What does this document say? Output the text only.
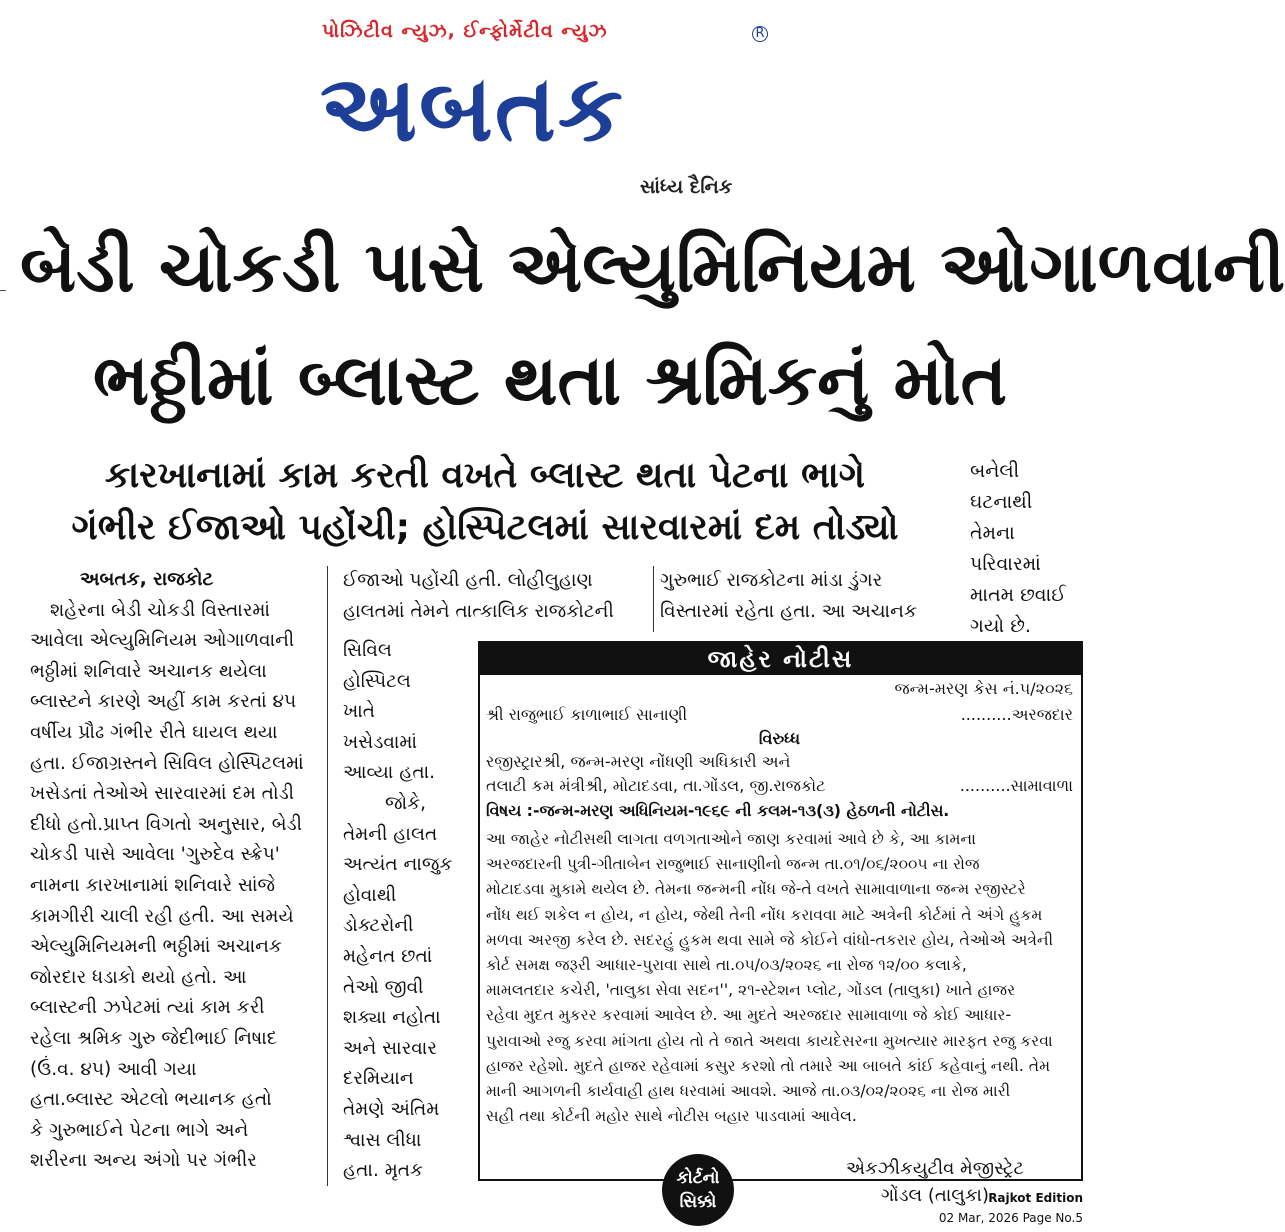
પોઝિટીવ ન્યુઝ, ઈન્ફોર્મેટીવ ન્યુઝ
અબતક
R
સાંધ્ય દૈનિક
બેડી ચોકડી પાસે એલ્યુમિનિયમ ઓગાળવાની
ભઠ્ઠીમાં બ્લાસ્ટ થતા શ્રમિકનું મોત
કારખાનામાં કામ કરતી વખતે બ્લાસ્ટ થતા પેટના ભાગે
ગંભીર ઈજાઓ પહોંચી; હોસ્પિટલમાં સારવારમાં દમ તોડ્યો
બનેલી
ઘટનાથી
તેમના
પરિવારમાં
માતમ છવાઈ
ગયો છે.
અબતક, રાજકોટ
શહેરના બેડી ચોકડી વિસ્તારમાં
આવેલા એલ્યુમિનિયમ ઓગાળવાની
ભઠ્ઠીમાં શનિવારે અચાનક થયેલા
બ્લાસ્ટને કારણે અહીં કામ કરતાં ૪૫
વર્ષીય પ્રૌઢ ગંભીર રીતે ઘાયલ થયા
હતા. ઈજાગ્રસ્તને સિવિલ હોસ્પિટલમાં
ખસેડતાં તેઓએ સારવારમાં દમ તોડી
દીધો હતો.પ્રાપ્ત વિગતો અનુસાર, બેડી
ચોકડી પાસે આવેલા 'ગુરુદેવ સ્ક્રેપ'
નામના કારખાનામાં શનિવારે સાંજે
કામગીરી ચાલી રહી હતી. આ સમયે
એલ્યુમિનિયમની ભઠ્ઠીમાં અચાનક
જોરદાર ધડાકો થયો હતો. આ
બ્લાસ્ટની ઝપેટમાં ત્યાં કામ કરી
રહેલા શ્રમિક ગુરુ જેદીભાઈ નિષાદ
(ઉં.વ. ૪૫) આવી ગયા
હતા.બ્લાસ્ટ એટલો ભયાનક હતો
કે ગુરુભાઈને પેટના ભાગે અને
શરીરના અન્ય અંગો પર ગંભીર
ઈજાઓ પહોંચી હતી. લોહીલુહાણ
હાલતમાં તેમને તાત્કાલિક રાજકોટની
ગુરુભાઈ રાજકોટના માંડા ડુંગર
વિસ્તારમાં રહેતા હતા. આ અચાનક
સિવિલ
હોસ્પિટલ
ખાતે
ખસેડવામાં
આવ્યા હતા.
જોકે,
તેમની હાલત
અત્યંત નાજુક
હોવાથી
ડોક્ટરોની
મહેનત છતાં
તેઓ જીવી
શક્યા નહોતા
અને સારવાર
દરમિયાન
તેમણે અંતિમ
શ્વાસ લીધા
હતા. મૃતક
જાહેર નોટીસ
જન્મ-મરણ કેસ નં.૫/૨૦૨૬
શ્રી રાજુભાઈ કાળાભાઈ સાનાણી	..........અરજદાર
વિરુધ્ધ
રજીસ્ટ્રારશ્રી, જન્મ-મરણ નોંધણી અધિકારી અને
તલાટી કમ મંત્રીશ્રી, મોટાદડવા, તા.ગોંડલ, જી.રાજકોટ	..........સામાવાળા
વિષય :-જન્મ-મરણ અધિનિયમ-૧૯૬૯ ની કલમ-૧૩(૩) હેઠળની નોટીસ.
આ જાહેર નોટીસથી લાગતા વળગતાઓને જાણ કરવામાં આવે છે કે, આ કામના
અરજદારની પુત્રી-ગીતાબેન રાજુભાઈ સાનાણીનો જન્મ તા.૦૧/૦૬/૨૦૦૫ ના રોજ
મોટાદડવા મુકામે થયેલ છે. તેમના જન્મની નોંધ જે-તે વખતે સામાવાળાના જન્મ રજીસ્ટરે
નોંધ થઈ શકેલ ન હોય, ન હોય, જેથી તેની નોંધ કરાવવા માટે અત્રેની કોર્ટમાં તે અંગે હુકમ
મળવા અરજી કરેલ છે. સદરહું હુકમ થવા સામે જે કોઈને વાંધો-તકરાર હોય, તેઓએ અત્રેની
કોર્ટ સમક્ષ જરૂરી આધાર-પુરાવા સાથે તા.૦૫/૦૩/૨૦૨૬ ના રોજ ૧૨/૦૦ કલાકે,
મામલતદાર કચેરી, 'તાલુકા સેવા સદન'', ૨૧-સ્ટેશન પ્લોટ, ગોંડલ (તાલુકા) ખાતે હાજર
રહેવા મુદત મુકરર કરવામાં આવેલ છે. આ મુદતે અરજદાર સામાવાળા જે કોઈ આધાર-
પુરાવાઓ રજુ કરવા માંગતા હોય તો તે જાતે અથવા કાયદેસરના મુખત્યાર મારફત રજુ કરવા
હાજર રહેશો. મુદતે હાજર રહેવામાં કસુર કરશો તો તમારે આ બાબતે કાંઈ કહેવાનું નથી. તેમ
માની આગળની કાર્યવાહી હાથ ધરવામાં આવશે. આજે તા.૦૩/૦૨/૨૦૨૬ ના રોજ મારી
સહી તથા કોર્ટની મહોર સાથે નોટીસ બહાર પાડવામાં આવેલ.
કોર્ટનો
સિક્કો
એકઝીકયુટીવ મેજીસ્ટ્રેટ
ગોંડલ (તાલુકા) Rajkot Edition
02 Mar, 2026 Page No.5
